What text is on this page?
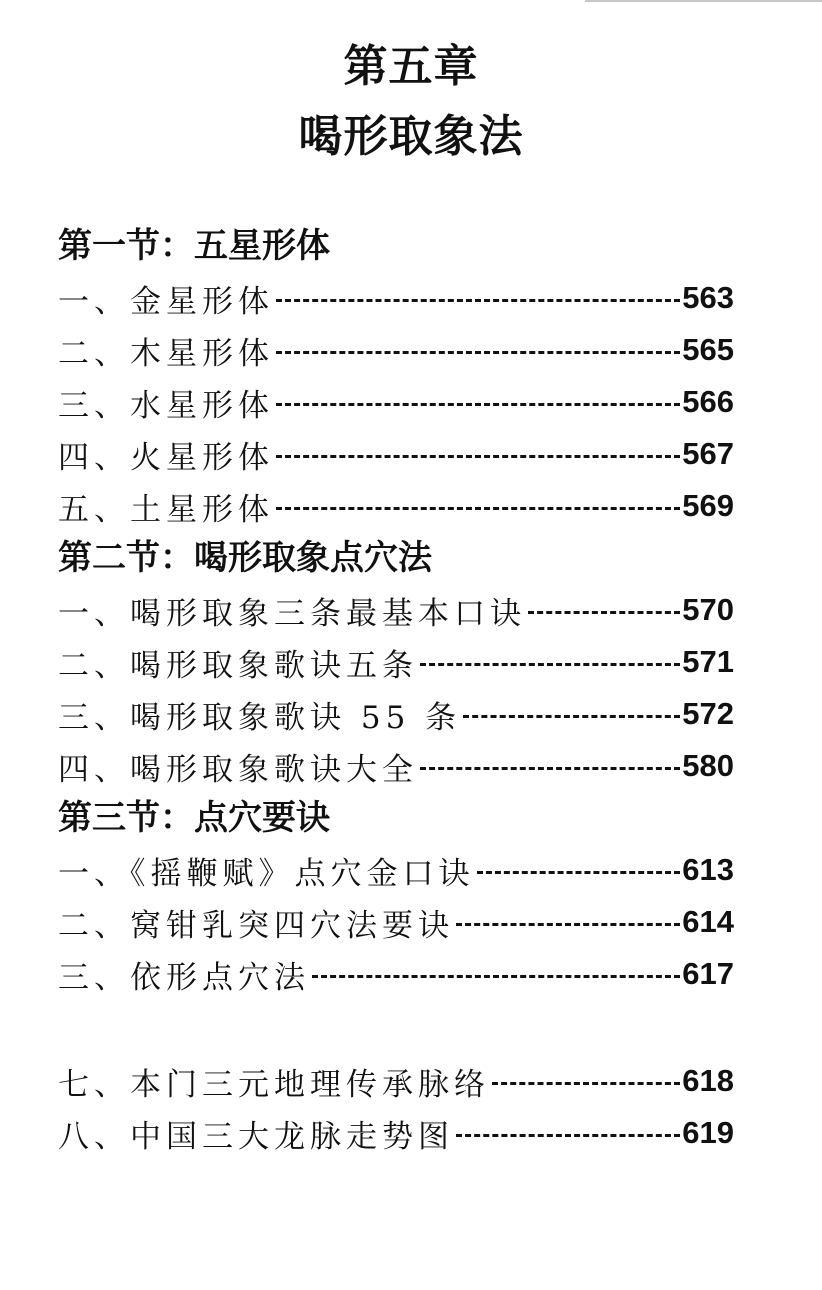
第五章
喝形取象法
第一节：五星形体
一、金星形体	563
二、木星形体	565
三、水星形体	566
四、火星形体	567
五、土星形体	569
第二节：喝形取象点穴法
一、喝形取象三条最基本口诀	570
二、喝形取象歌诀五条	571
三、喝形取象歌诀 55 条	572
四、喝形取象歌诀大全	580
第三节：点穴要诀
一、《摇鞭赋》点穴金口诀	613
二、窝钳乳突四穴法要诀	614
三、依形点穴法	617
七、本门三元地理传承脉络	618
八、中国三大龙脉走势图	619
